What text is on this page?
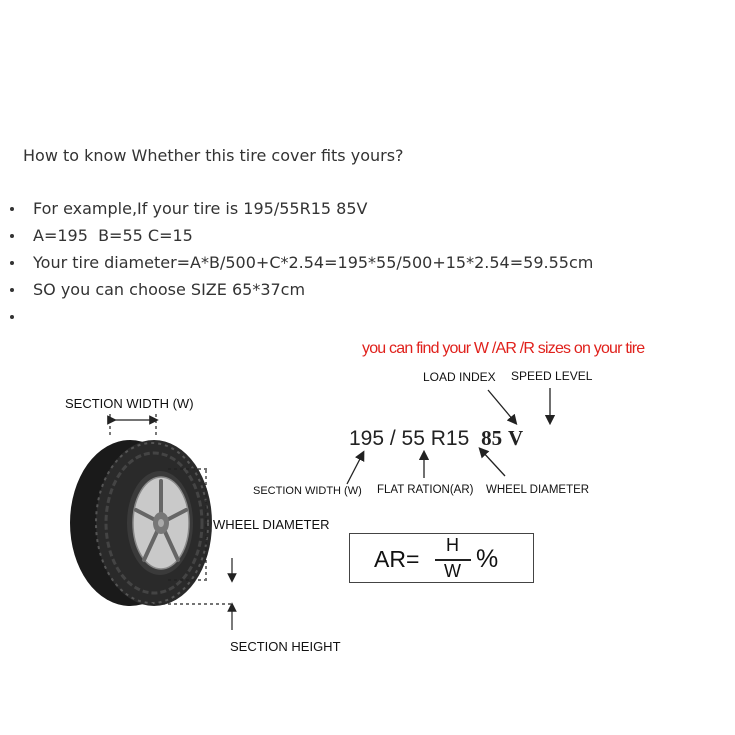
How to know Whether this tire cover fits yours?
For example,If your tire is 195/55R15 85V
A=195  B=55 C=15
Your tire diameter=A*B/500+C*2.54=195*55/500+15*2.54=59.55cm
SO you can choose SIZE 65*37cm
you can find your W /AR /R sizes on your tire
LOAD INDEX SPEED LEVEL
SECTION WIDTH (W)
195 / 55 R15 85 V
SECTION WIDTH (W) FLAT RATION(AR) WHEEL DIAMETER
WHEEL DIAMETER
SECTION HEIGHT
AR=
H
W %
